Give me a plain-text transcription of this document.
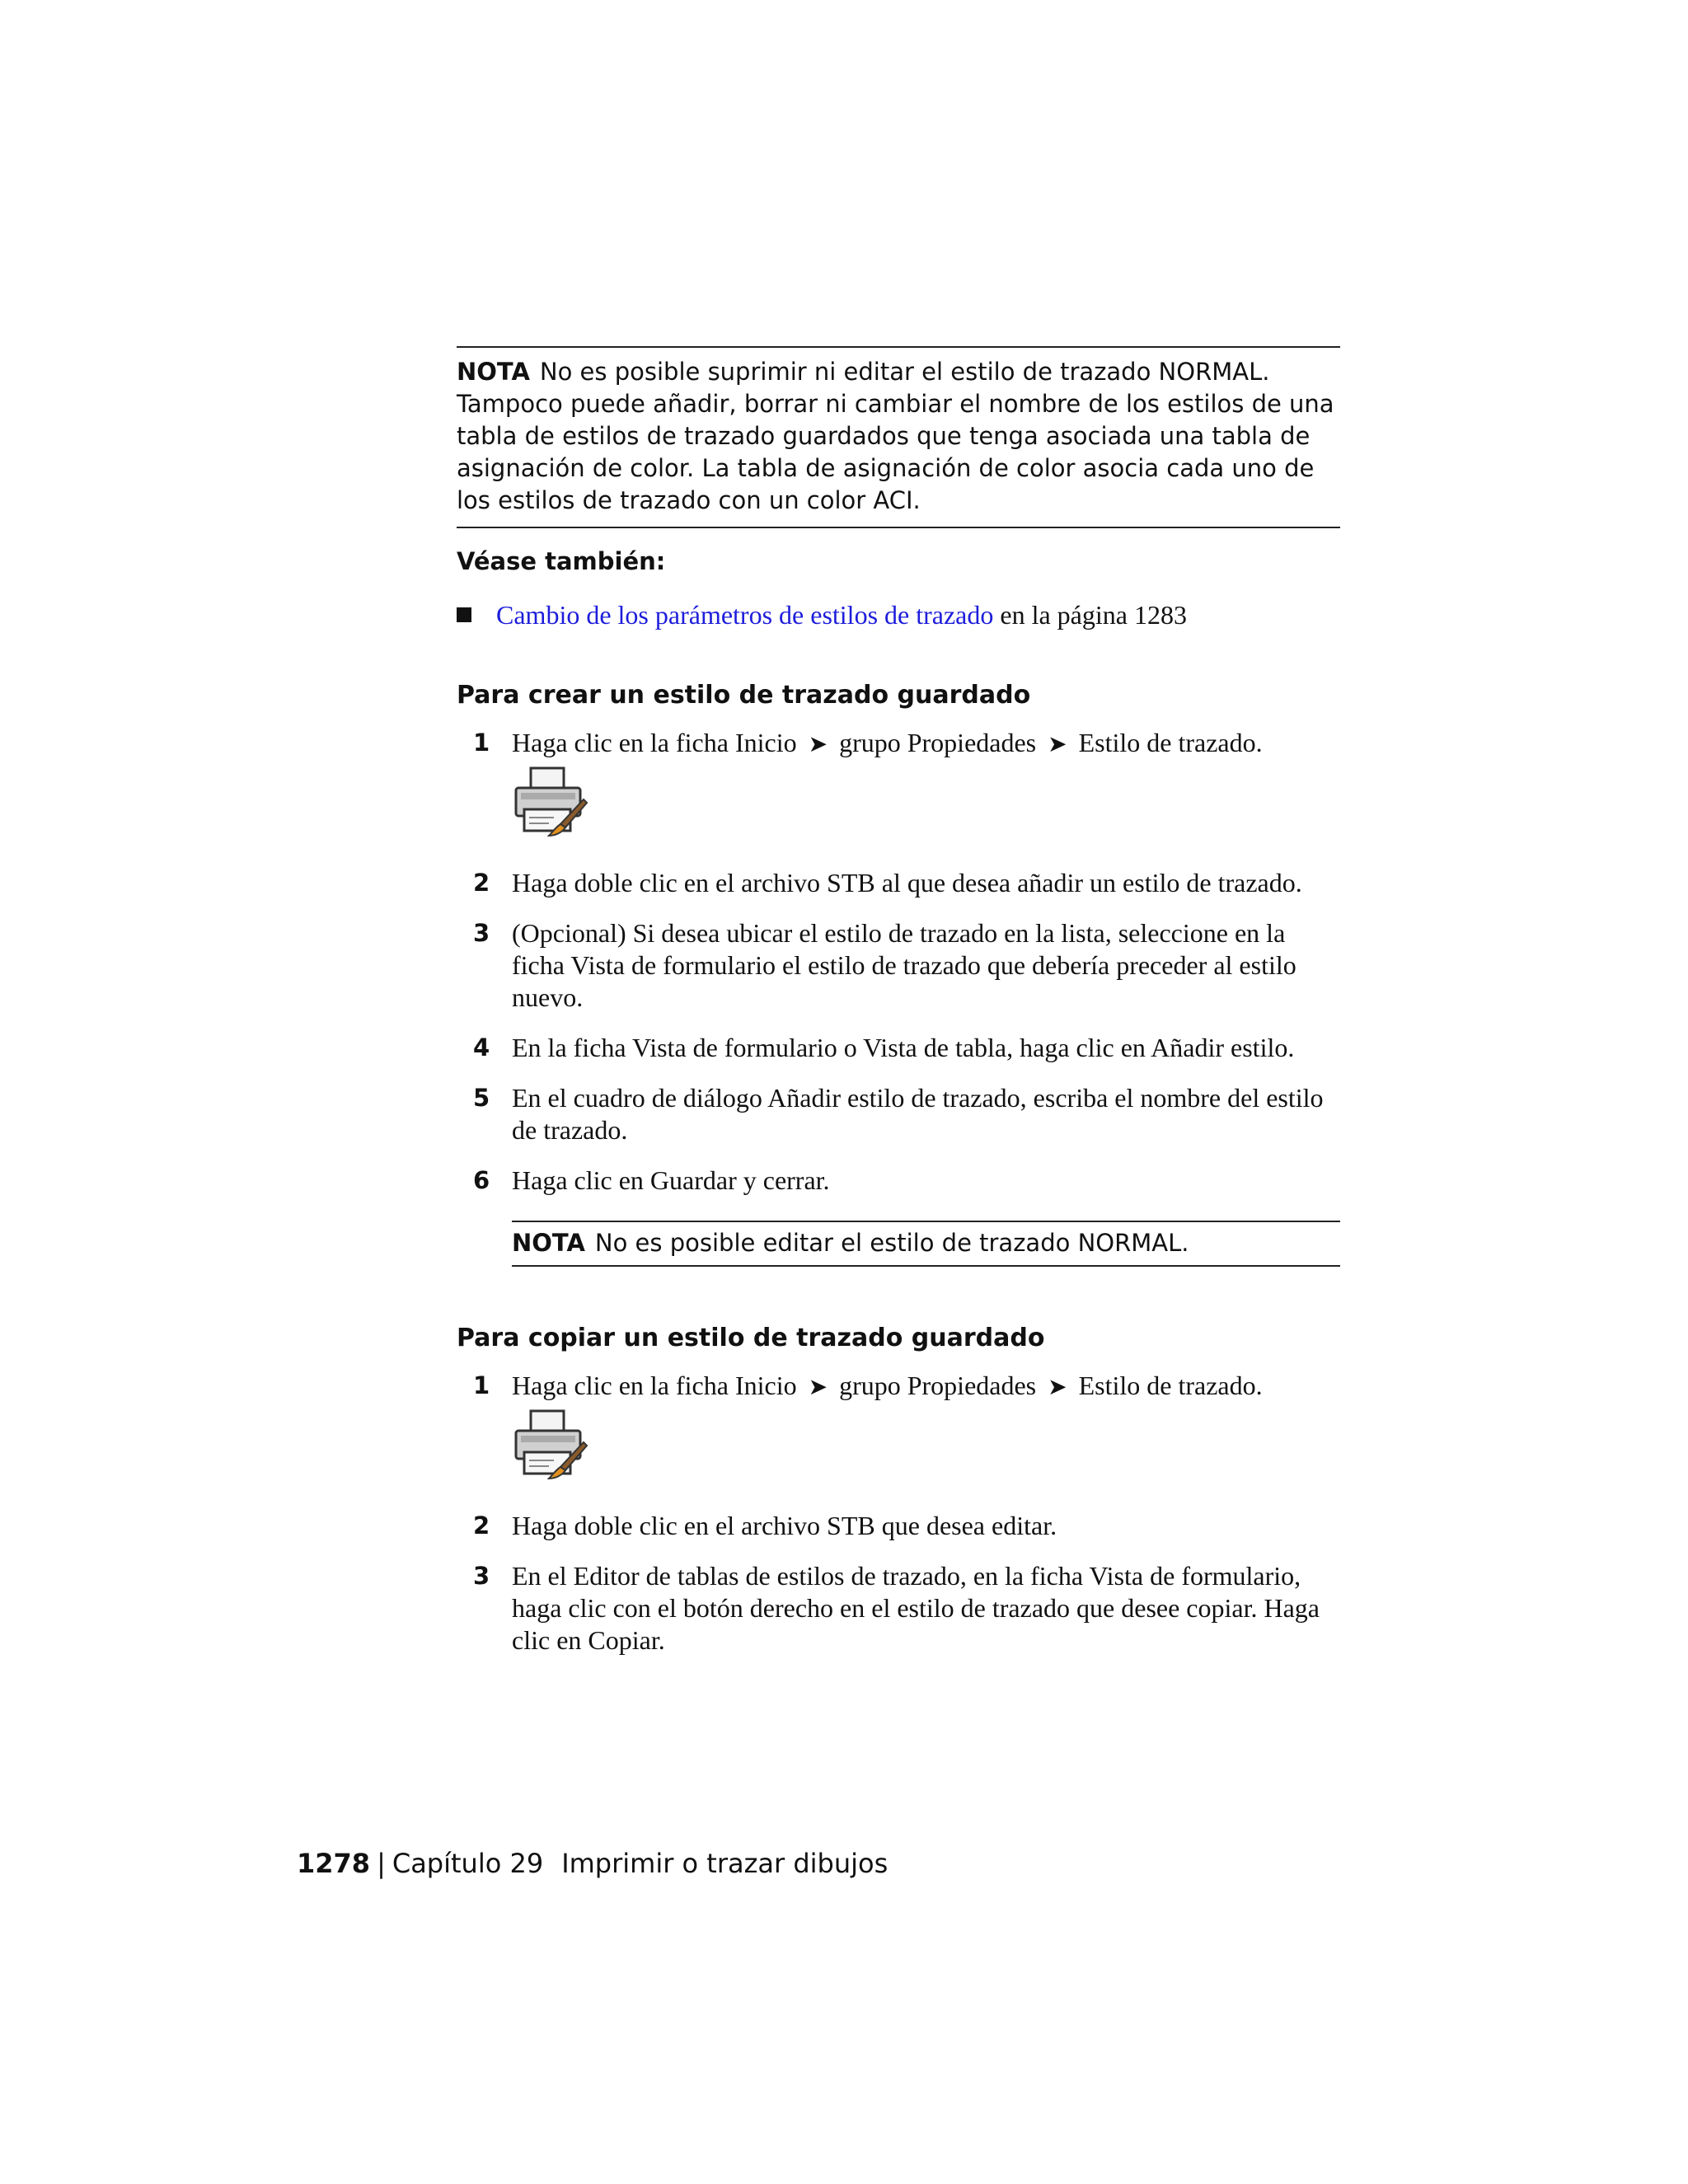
NOTA No es posible suprimir ni editar el estilo de trazado NORMAL. Tampoco puede añadir, borrar ni cambiar el nombre de los estilos de una tabla de estilos de trazado guardados que tenga asociada una tabla de asignación de color. La tabla de asignación de color asocia cada uno de los estilos de trazado con un color ACI.
Véase también:
Cambio de los parámetros de estilos de trazado en la página 1283
Para crear un estilo de trazado guardado
1 Haga clic en la ficha Inicio ➤ grupo Propiedades ➤ Estilo de trazado.
2 Haga doble clic en el archivo STB al que desea añadir un estilo de trazado.
3 (Opcional) Si desea ubicar el estilo de trazado en la lista, seleccione en la ficha Vista de formulario el estilo de trazado que debería preceder al estilo nuevo.
4 En la ficha Vista de formulario o Vista de tabla, haga clic en Añadir estilo.
5 En el cuadro de diálogo Añadir estilo de trazado, escriba el nombre del estilo de trazado.
6 Haga clic en Guardar y cerrar.
NOTA No es posible editar el estilo de trazado NORMAL.
Para copiar un estilo de trazado guardado
1 Haga clic en la ficha Inicio ➤ grupo Propiedades ➤ Estilo de trazado.
2 Haga doble clic en el archivo STB que desea editar.
3 En el Editor de tablas de estilos de trazado, en la ficha Vista de formulario, haga clic con el botón derecho en el estilo de trazado que desee copiar. Haga clic en Copiar.
1278 | Capítulo 29 Imprimir o trazar dibujos
